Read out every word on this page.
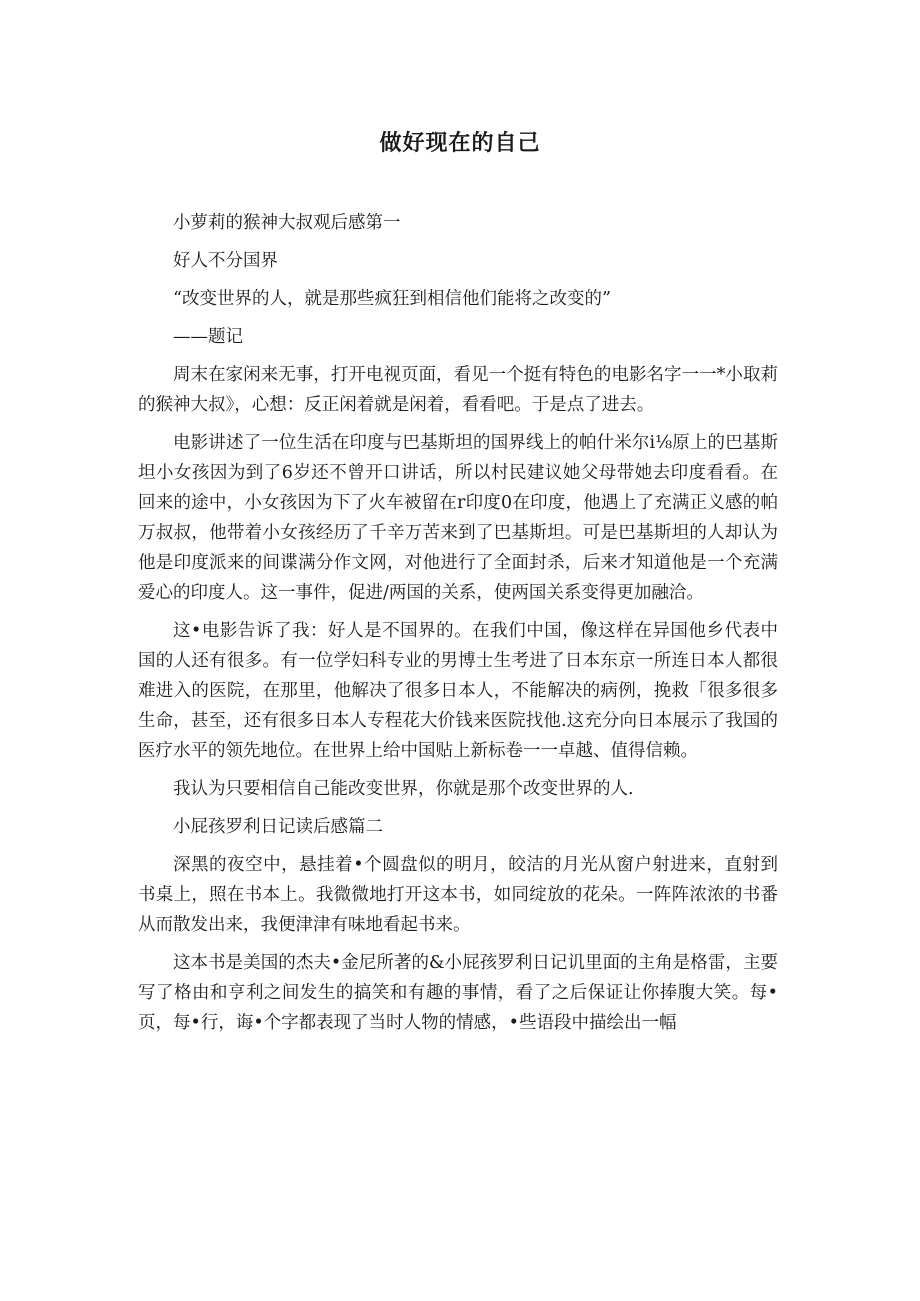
做好现在的自己

小萝莉的猴神大叔观后感第一

好人不分国界

“改变世界的人，就是那些疯狂到相信他们能将之改变的”

——题记

周末在家闲来无事，打开电视页面，看见一个挺有特色的电影名字一一*小取莉的猴神大叔》，心想：反正闲着就是闲着，看看吧。于是点了进去。

电影讲述了一位生活在印度与巴基斯坦的国界线上的帕什米尔i⅛原上的巴基斯坦小女孩因为到了6岁还不曾开口讲话，所以村民建议她父母带她去印度看看。在回来的途中，小女孩因为下了火车被留在r印度0在印度，他遇上了充满正义感的帕万叔叔，他带着小女孩经历了千辛万苦来到了巴基斯坦。可是巴基斯坦的人却认为他是印度派来的间谍满分作文网，对他进行了全面封杀，后来才知道他是一个充满爱心的印度人。这一事件，促进/两国的关系，使两国关系变得更加融洽。

这•电影告诉了我：好人是不国界的。在我们中国，像这样在异国他乡代表中国的人还有很多。有一位学妇科专业的男博士生考进了日本东京一所连日本人都很难进入的医院，在那里，他解决了很多日本人，不能解决的病例，挽救「很多很多生命，甚至，还有很多日本人专程花大价钱来医院找他.这充分向日本展示了我国的医疗水平的领先地位。在世界上给中国贴上新标卷一一卓越、值得信赖。

我认为只要相信自己能改变世界，你就是那个改变世界的人.

小屁孩罗利日记读后感篇二

深黑的夜空中，悬挂着•个圆盘似的明月，皎洁的月光从窗户射进来，直射到书桌上，照在书本上。我微微地打开这本书，如同绽放的花朵。一阵阵浓浓的书番从而散发出来，我便津津有味地看起书来。

这本书是美国的杰夫•金尼所著的&小屁孩罗利日记讥里面的主角是格雷，主要写了格由和亨利之间发生的搞笑和有趣的事情，看了之后保证让你捧腹大笑。每•页，每•行，诲•个字都表现了当时人物的情感，•些语段中描绘出一幅
